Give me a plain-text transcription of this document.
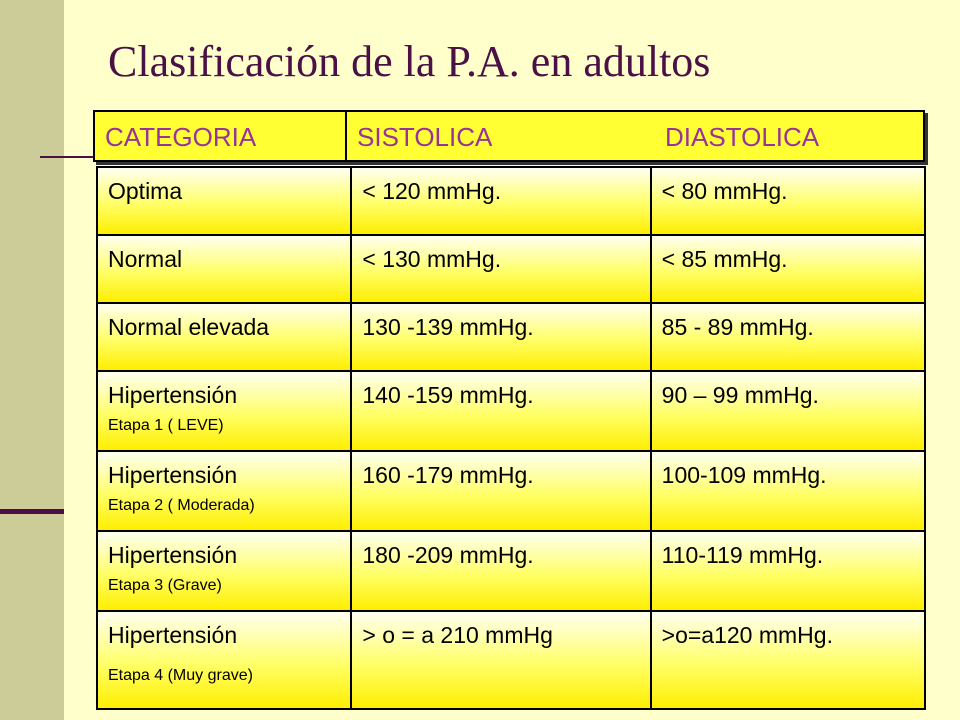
Clasificación de la P.A. en adultos
CATEGORIA	SISTOLICA	DIASTOLICA
Optima	< 120 mmHg.	< 80 mmHg.
Normal	< 130 mmHg.	< 85 mmHg.
Normal elevada	130 -139 mmHg.	85 - 89 mmHg.
Hipertensión
Etapa 1 ( LEVE)	140 -159 mmHg.	90 – 99 mmHg.
Hipertensión
Etapa 2 ( Moderada)	160 -179 mmHg.	100-109 mmHg.
Hipertensión
Etapa 3 (Grave)	180 -209 mmHg.	110-119 mmHg.
Hipertensión
Etapa 4 (Muy grave)	> o = a 210 mmHg	>o=a120 mmHg.
